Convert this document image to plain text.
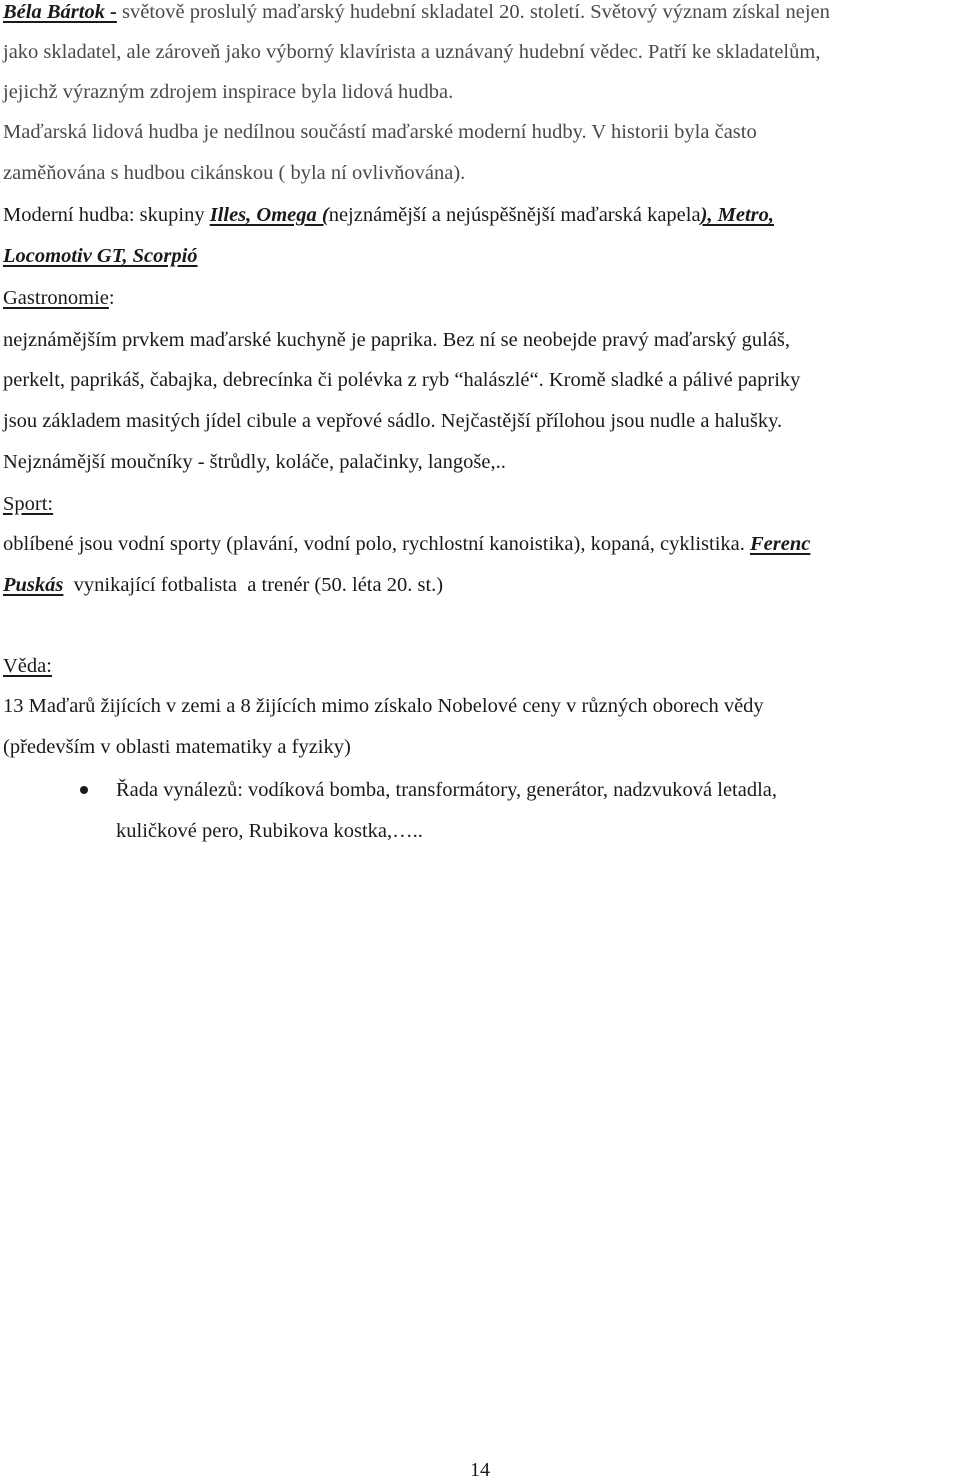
Béla Bártok - světově proslulý maďarský hudební skladatel 20. století. Světový význam získal nejen
jako skladatel, ale zároveň jako výborný klavírista a uznávaný hudební vědec. Patří ke skladatelům,
jejichž výrazným zdrojem inspirace byla lidová hudba.
Maďarská lidová hudba je nedílnou součástí maďarské moderní hudby. V historii byla často
zaměňována s hudbou cikánskou ( byla ní ovlivňována).
Moderní hudba: skupiny Illes, Omega (nejznámější a nejúspěšnější maďarská kapela), Metro,
Locomotiv GT, Scorpió
Gastronomie:
nejznámějším prvkem maďarské kuchyně je paprika. Bez ní se neobejde pravý maďarský guláš,
perkelt, paprikáš, čabajka, debrecínka či polévka z ryb “halászlé“. Kromě sladké a pálivé papriky
jsou základem masitých jídel cibule a vepřové sádlo. Nejčastější přílohou jsou nudle a halušky.
Nejznámější moučníky - štrůdly, koláče, palačinky, langoše,..
Sport:
oblíbené jsou vodní sporty (plavání, vodní polo, rychlostní kanoistika), kopaná, cyklistika. Ferenc
Puskás  vynikající fotbalista  a trenér (50. léta 20. st.)
Věda:
13 Maďarů žijících v zemi a 8 žijících mimo získalo Nobelové ceny v různých oborech vědy
(především v oblasti matematiky a fyziky)
Řada vynálezů: vodíková bomba, transformátory, generátor, nadzvuková letadla,
kuličkové pero, Rubikova kostka,…..
14
